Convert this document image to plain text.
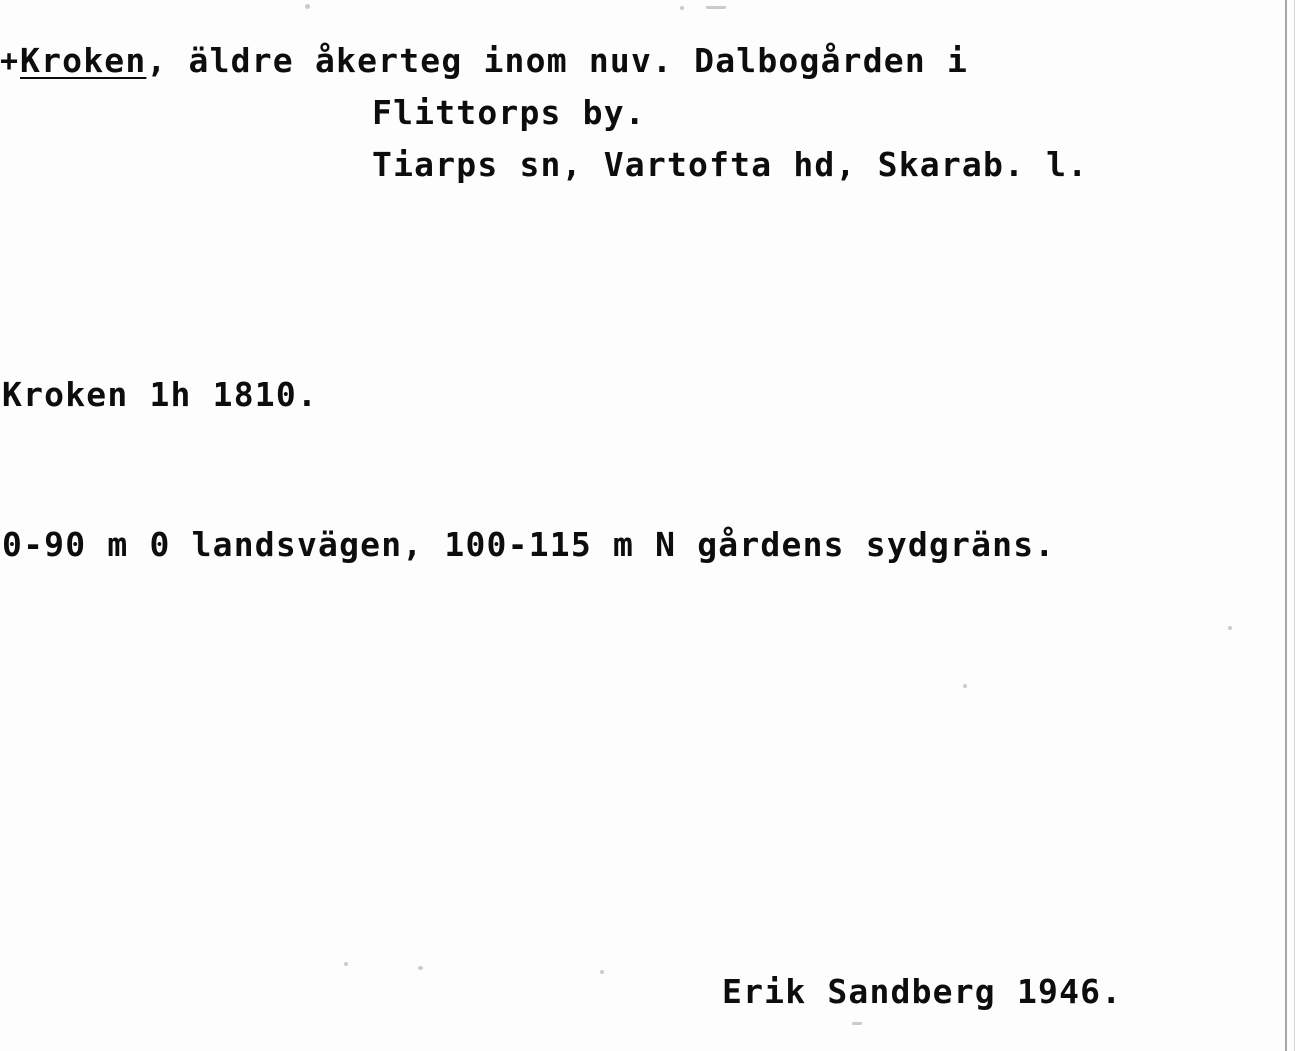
+ Kroken, äldre åkerteg inom nuv. Dalbogården i
Flittorps by.
Tiarps sn, Vartofta hd, Skarab. l.
Kroken 1h 1810.
0-90 m 0 landsvägen, 100-115 m N gårdens sydgräns.
Erik Sandberg 1946.
